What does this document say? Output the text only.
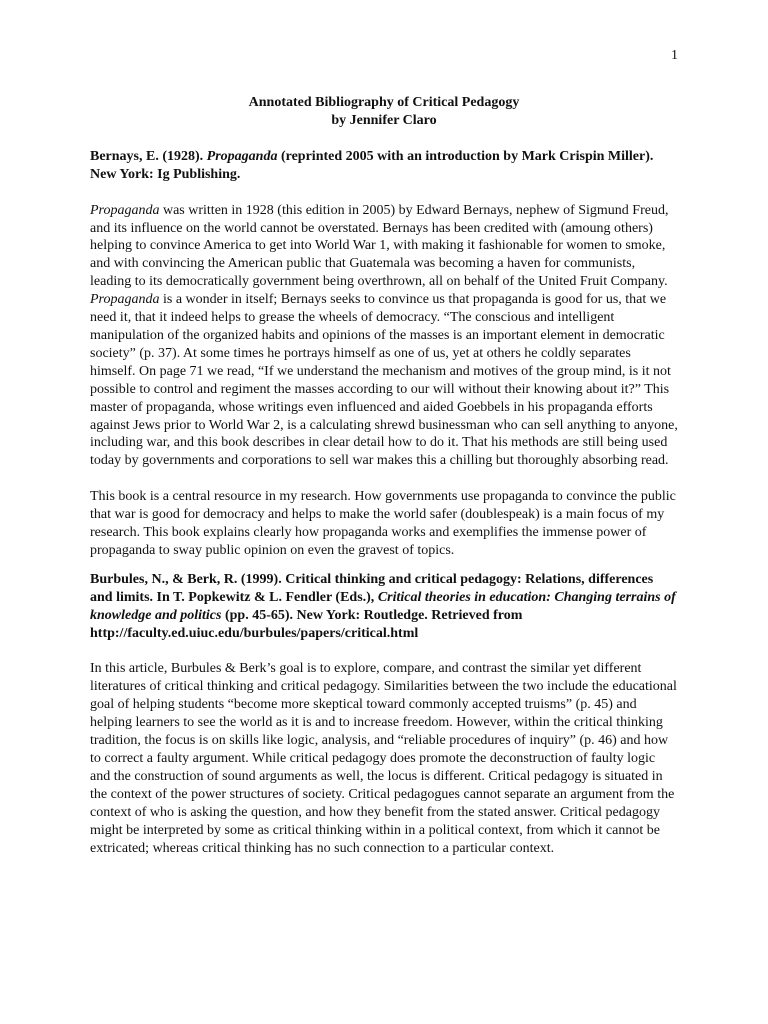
1

Annotated Bibliography of Critical Pedagogy

by Jennifer Claro

Bernays, E. (1928). Propaganda (reprinted 2005 with an introduction by Mark Crispin Miller). New York: Ig Publishing.

Propaganda was written in 1928 (this edition in 2005) by Edward Bernays, nephew of Sigmund Freud, and its influence on the world cannot be overstated. Bernays has been credited with (amoung others) helping to convince America to get into World War 1, with making it fashionable for women to smoke, and with convincing the American public that Guatemala was becoming a haven for communists, leading to its democratically government being overthrown, all on behalf of the United Fruit Company. Propaganda is a wonder in itself; Bernays seeks to convince us that propaganda is good for us, that we need it, that it indeed helps to grease the wheels of democracy. “The conscious and intelligent manipulation of the organized habits and opinions of the masses is an important element in democratic society” (p. 37). At some times he portrays himself as one of us, yet at others he coldly separates himself. On page 71 we read, “If we understand the mechanism and motives of the group mind, is it not possible to control and regiment the masses according to our will without their knowing about it?” This master of propaganda, whose writings even influenced and aided Goebbels in his propaganda efforts against Jews prior to World War 2, is a calculating shrewd businessman who can sell anything to anyone, including war, and this book describes in clear detail how to do it. That his methods are still being used today by governments and corporations to sell war makes this a chilling but thoroughly absorbing read.

This book is a central resource in my research. How governments use propaganda to convince the public that war is good for democracy and helps to make the world safer (doublespeak) is a main focus of my research. This book explains clearly how propaganda works and exemplifies the immense power of propaganda to sway public opinion on even the gravest of topics.

Burbules, N., & Berk, R. (1999). Critical thinking and critical pedagogy: Relations, differences and limits. In T. Popkewitz & L. Fendler (Eds.), Critical theories in education: Changing terrains of knowledge and politics (pp. 45-65). New York: Routledge. Retrieved from http://faculty.ed.uiuc.edu/burbules/papers/critical.html

In this article, Burbules & Berk’s goal is to explore, compare, and contrast the similar yet different literatures of critical thinking and critical pedagogy. Similarities between the two include the educational goal of helping students “become more skeptical toward commonly accepted truisms” (p. 45) and helping learners to see the world as it is and to increase freedom. However, within the critical thinking tradition, the focus is on skills like logic, analysis, and “reliable procedures of inquiry” (p. 46) and how to correct a faulty argument. While critical pedagogy does promote the deconstruction of faulty logic and the construction of sound arguments as well, the locus is different. Critical pedagogy is situated in the context of the power structures of society. Critical pedagogues cannot separate an argument from the context of who is asking the question, and how they benefit from the stated answer. Critical pedagogy might be interpreted by some as critical thinking within in a political context, from which it cannot be extricated; whereas critical thinking has no such connection to a particular context.
